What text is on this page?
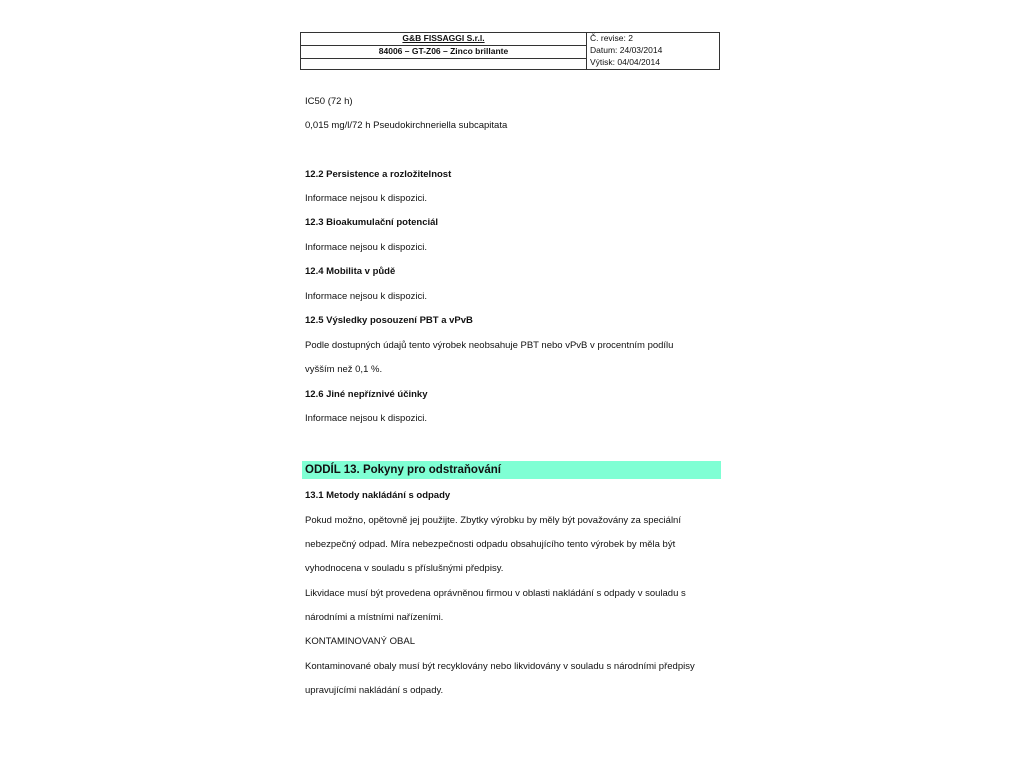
G&B FISSAGGI S.r.l.
84006 – GT-Z06 – Zinco brillante
Č. revise: 2
Datum: 24/03/2014
Výtisk: 04/04/2014
IC50 (72 h)
0,015 mg/l/72 h Pseudokirchneriella subcapitata
12.2 Persistence a rozložitelnost
Informace nejsou k dispozici.
12.3 Bioakumulační potenciál
Informace nejsou k dispozici.
12.4 Mobilita v půdě
Informace nejsou k dispozici.
12.5 Výsledky posouzení PBT a vPvB
Podle dostupných údajů tento výrobek neobsahuje PBT nebo vPvB v procentním podílu
vyšším než 0,1 %.
12.6 Jiné nepříznivé účinky
Informace nejsou k dispozici.
ODDÍL 13. Pokyny pro odstraňování
13.1 Metody nakládání s odpady
Pokud možno, opětovně jej použijte. Zbytky výrobku by měly být považovány za speciální
nebezpečný odpad. Míra nebezpečnosti odpadu obsahujícího tento výrobek by měla být
vyhodnocena v souladu s příslušnými předpisy.
Likvidace musí být provedena oprávněnou firmou v oblasti nakládání s odpady v souladu s
národními a místními nařízeními.
KONTAMINOVANÝ OBAL
Kontaminované obaly musí být recyklovány nebo likvidovány v souladu s národními předpisy
upravujícími nakládání s odpady.
